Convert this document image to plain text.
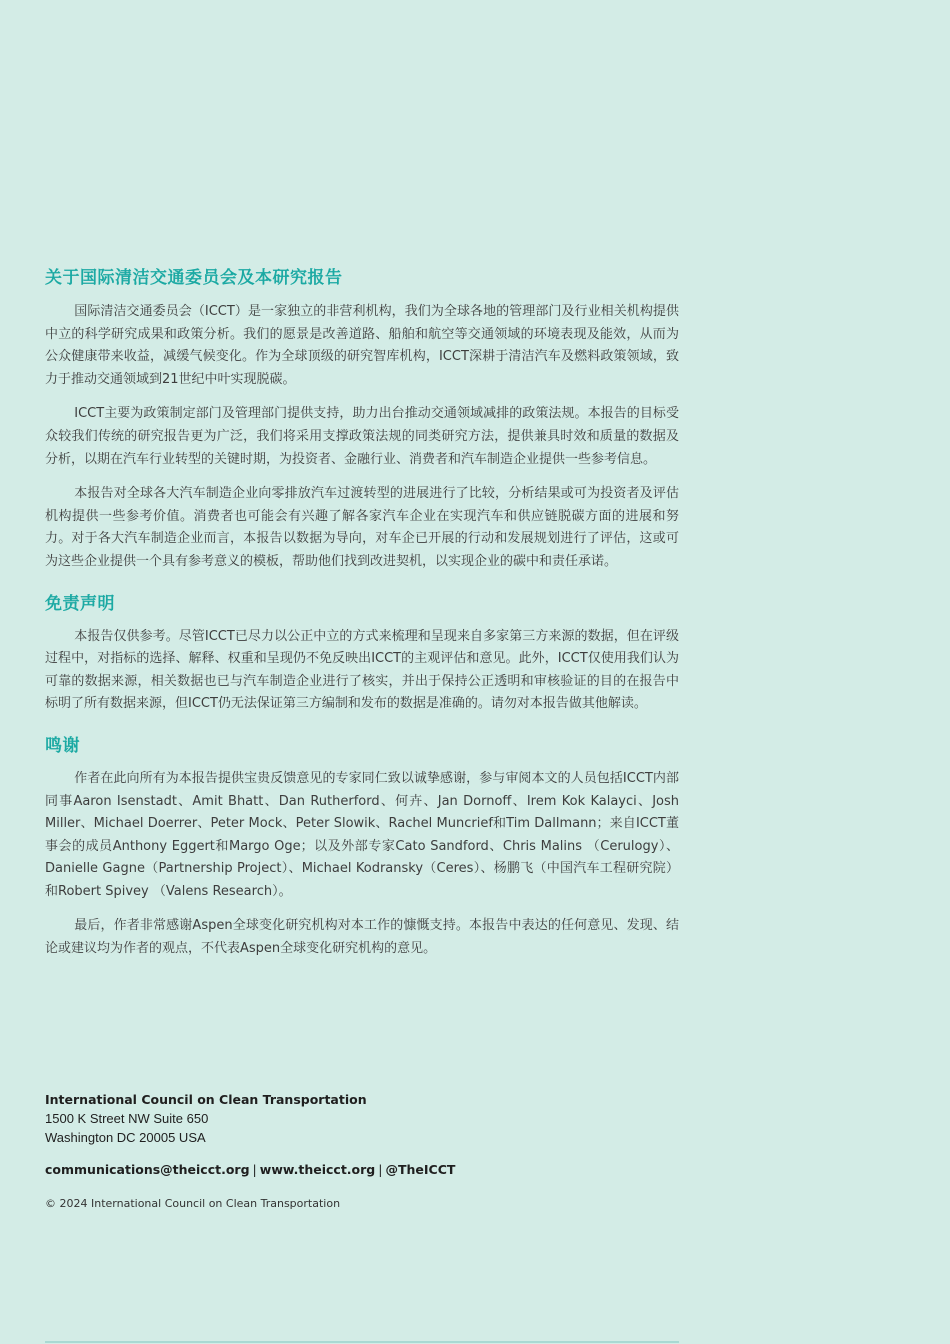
关于国际清洁交通委员会及本研究报告

国际清洁交通委员会（ICCT）是一家独立的非营利机构，我们为全球各地的管理部门及行业相关机构提供中立的科学研究成果和政策分析。我们的愿景是改善道路、船舶和航空等交通领域的环境表现及能效，从而为公众健康带来收益，减缓气候变化。作为全球顶级的研究智库机构，ICCT深耕于清洁汽车及燃料政策领域，致力于推动交通领域到21世纪中叶实现脱碳。

ICCT主要为政策制定部门及管理部门提供支持，助力出台推动交通领域减排的政策法规。本报告的目标受众较我们传统的研究报告更为广泛，我们将采用支撑政策法规的同类研究方法，提供兼具时效和质量的数据及分析，以期在汽车行业转型的关键时期，为投资者、金融行业、消费者和汽车制造企业提供一些参考信息。

本报告对全球各大汽车制造企业向零排放汽车过渡转型的进展进行了比较，分析结果或可为投资者及评估机构提供一些参考价值。消费者也可能会有兴趣了解各家汽车企业在实现汽车和供应链脱碳方面的进展和努力。对于各大汽车制造企业而言，本报告以数据为导向，对车企已开展的行动和发展规划进行了评估，这或可为这些企业提供一个具有参考意义的模板，帮助他们找到改进契机，以实现企业的碳中和责任承诺。

免责声明

本报告仅供参考。尽管ICCT已尽力以公正中立的方式来梳理和呈现来自多家第三方来源的数据，但在评级过程中，对指标的选择、解释、权重和呈现仍不免反映出ICCT的主观评估和意见。此外，ICCT仅使用我们认为可靠的数据来源，相关数据也已与汽车制造企业进行了核实，并出于保持公正透明和审核验证的目的在报告中标明了所有数据来源，但ICCT仍无法保证第三方编制和发布的数据是准确的。请勿对本报告做其他解读。

鸣谢

作者在此向所有为本报告提供宝贵反馈意见的专家同仁致以诚挚感谢，参与审阅本文的人员包括ICCT内部同事Aaron Isenstadt、Amit Bhatt、Dan Rutherford、何卉、Jan Dornoff、Irem Kok Kalayci、Josh Miller、Michael Doerrer、Peter Mock、Peter Slowik、Rachel Muncrief和Tim Dallmann；来自ICCT董事会的成员Anthony Eggert和Margo Oge；以及外部专家Cato Sandford、Chris Malins （Cerulogy）、Danielle Gagne（Partnership Project）、Michael Kodransky（Ceres）、杨鹏飞（中国汽车工程研究院）和Robert Spivey （Valens Research）。

最后，作者非常感谢Aspen全球变化研究机构对本工作的慷慨支持。本报告中表达的任何意见、发现、结论或建议均为作者的观点，不代表Aspen全球变化研究机构的意见。

International Council on Clean Transportation
1500 K Street NW Suite 650
Washington DC 20005 USA
communications@theicct.org | www.theicct.org | @TheICCT
© 2024 International Council on Clean Transportation
